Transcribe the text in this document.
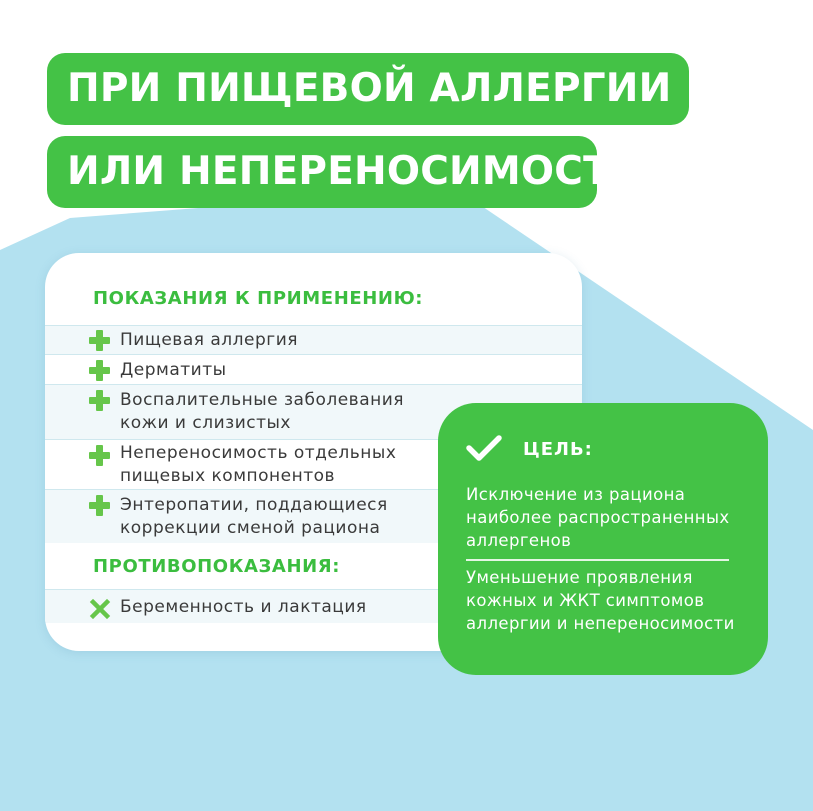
ПРИ ПИЩЕВОЙ АЛЛЕРГИИ
ИЛИ НЕПЕРЕНОСИМОСТИ
ПОКАЗАНИЯ К ПРИМЕНЕНИЮ:
Пищевая аллергия
Дерматиты
Воспалительные заболевания кожи и слизистых
Непереносимость отдельных пищевых компонентов
Энтеропатии, поддающиеся коррекции сменой рациона
ПРОТИВОПОКАЗАНИЯ:
Беременность и лактация
ЦЕЛЬ:
Исключение из рациона наиболее распространенных аллергенов
Уменьшение проявления кожных и ЖКТ симптомов аллергии и непереносимости
